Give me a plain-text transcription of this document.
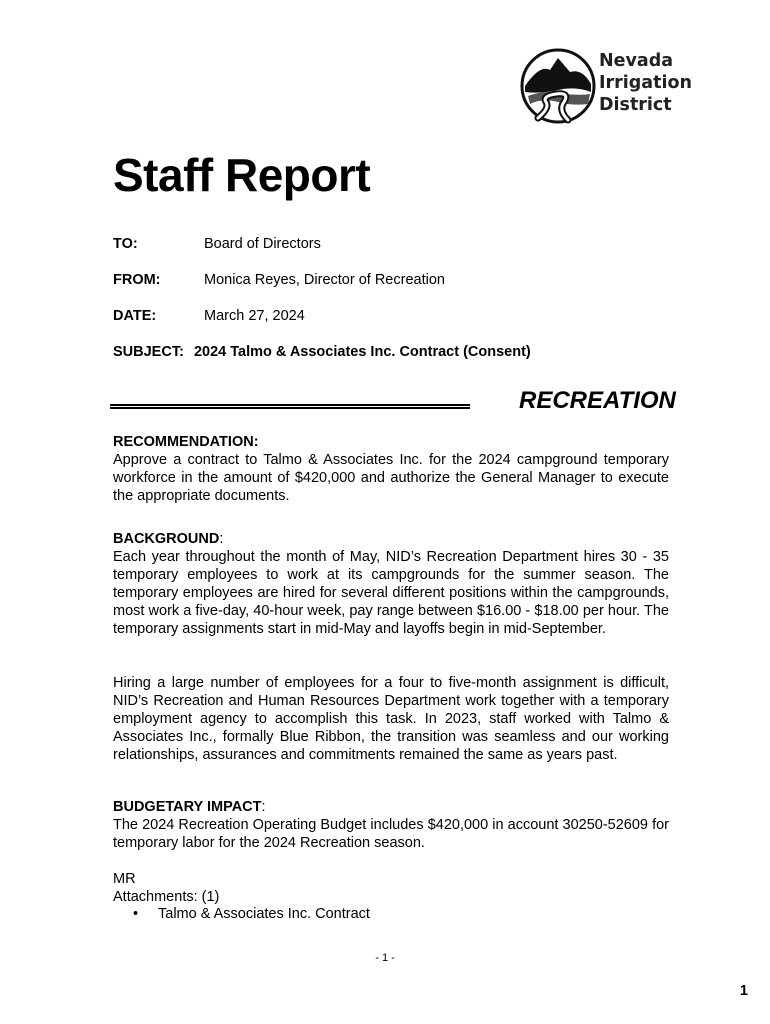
Nevada
Irrigation
District
Staff Report
TO:	Board of Directors
FROM:	Monica Reyes, Director of Recreation
DATE:	March 27, 2024
SUBJECT: 2024 Talmo & Associates Inc. Contract (Consent)
RECREATION

RECOMMENDATION:

Approve a contract to Talmo & Associates Inc. for the 2024 campground temporary workforce in the amount of $420,000 and authorize the General Manager to execute the appropriate documents.

BACKGROUND:

Each year throughout the month of May, NID’s Recreation Department hires 30 - 35 temporary employees to work at its campgrounds for the summer season. The temporary employees are hired for several different positions within the campgrounds, most work a five-day, 40-hour week, pay range between $16.00 - $18.00 per hour. The temporary assignments start in mid-May and layoffs begin in mid-September.

Hiring a large number of employees for a four to five-month assignment is difficult, NID’s Recreation and Human Resources Department work together with a temporary employment agency to accomplish this task. In 2023, staff worked with Talmo & Associates Inc., formally Blue Ribbon, the transition was seamless and our working relationships, assurances and commitments remained the same as years past.

BUDGETARY IMPACT:

The 2024 Recreation Operating Budget includes $420,000 in account 30250-52609 for temporary labor for the 2024 Recreation season.

MR

Attachments: (1)

• Talmo & Associates Inc. Contract
- 1 -
1
